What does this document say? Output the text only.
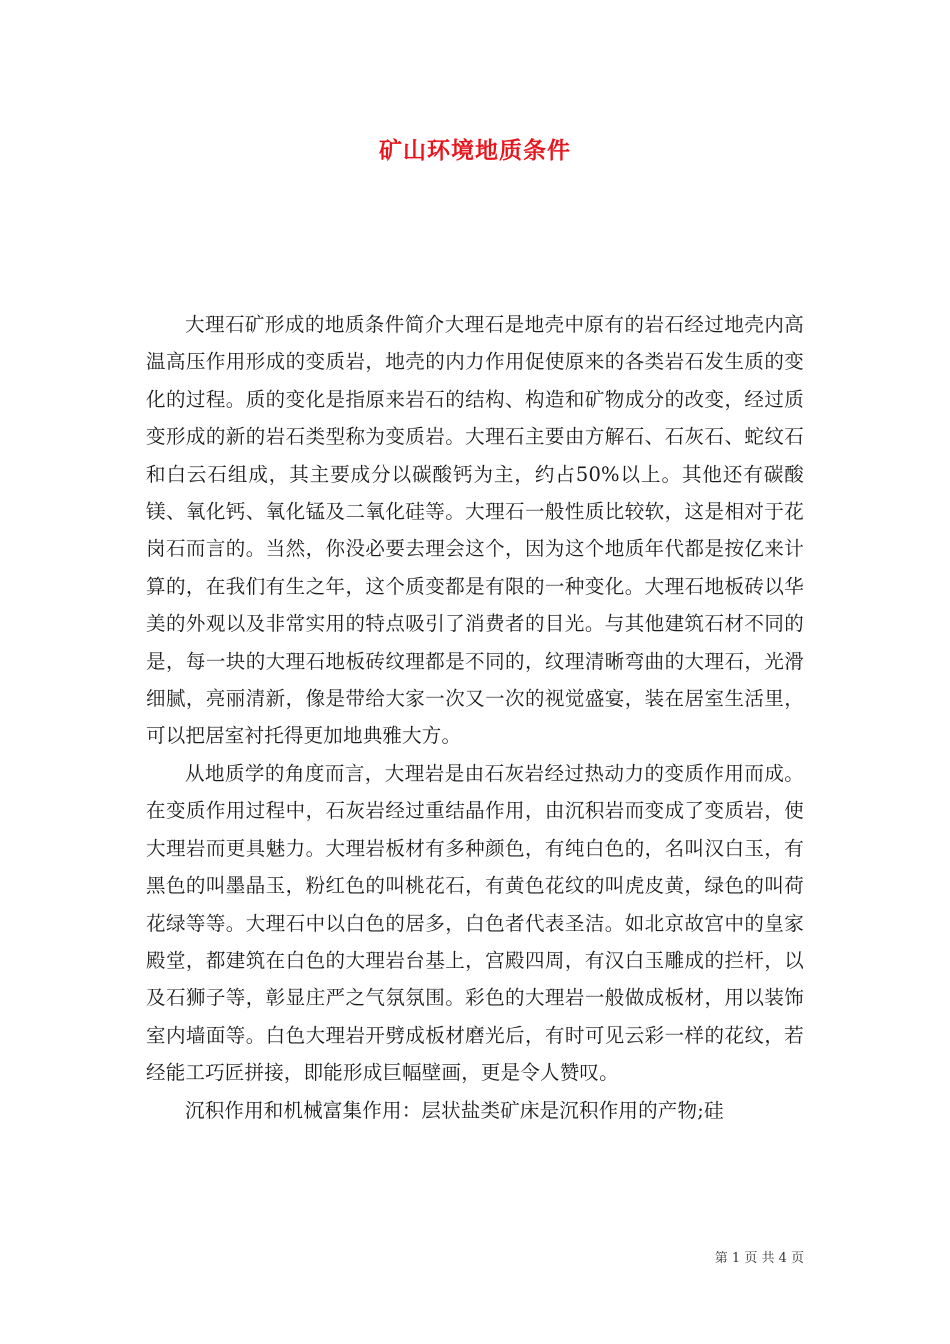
矿山环境地质条件

大理石矿形成的地质条件简介大理石是地壳中原有的岩石经过地壳内高温高压作用形成的变质岩，地壳的内力作用促使原来的各类岩石发生质的变化的过程。质的变化是指原来岩石的结构、构造和矿物成分的改变，经过质变形成的新的岩石类型称为变质岩。大理石主要由方解石、石灰石、蛇纹石和白云石组成，其主要成分以碳酸钙为主，约占50%以上。其他还有碳酸镁、氧化钙、氧化锰及二氧化硅等。大理石一般性质比较软，这是相对于花岗石而言的。当然，你没必要去理会这个，因为这个地质年代都是按亿来计算的，在我们有生之年，这个质变都是有限的一种变化。大理石地板砖以华美的外观以及非常实用的特点吸引了消费者的目光。与其他建筑石材不同的是，每一块的大理石地板砖纹理都是不同的，纹理清晰弯曲的大理石，光滑细腻，亮丽清新，像是带给大家一次又一次的视觉盛宴，装在居室生活里，可以把居室衬托得更加地典雅大方。

从地质学的角度而言，大理岩是由石灰岩经过热动力的变质作用而成。在变质作用过程中，石灰岩经过重结晶作用，由沉积岩而变成了变质岩，使大理岩而更具魅力。大理岩板材有多种颜色，有纯白色的，名叫汉白玉，有黑色的叫墨晶玉，粉红色的叫桃花石，有黄色花纹的叫虎皮黄，绿色的叫荷花绿等等。大理石中以白色的居多，白色者代表圣洁。如北京故宫中的皇家殿堂，都建筑在白色的大理岩台基上，宫殿四周，有汉白玉雕成的拦杆，以及石狮子等，彰显庄严之气氛氛围。彩色的大理岩一般做成板材，用以装饰室内墙面等。白色大理岩开劈成板材磨光后，有时可见云彩一样的花纹，若经能工巧匠拼接，即能形成巨幅壁画，更是令人赞叹。

沉积作用和机械富集作用：层状盐类矿床是沉积作用的产物;硅

第 1 页 共 4 页
